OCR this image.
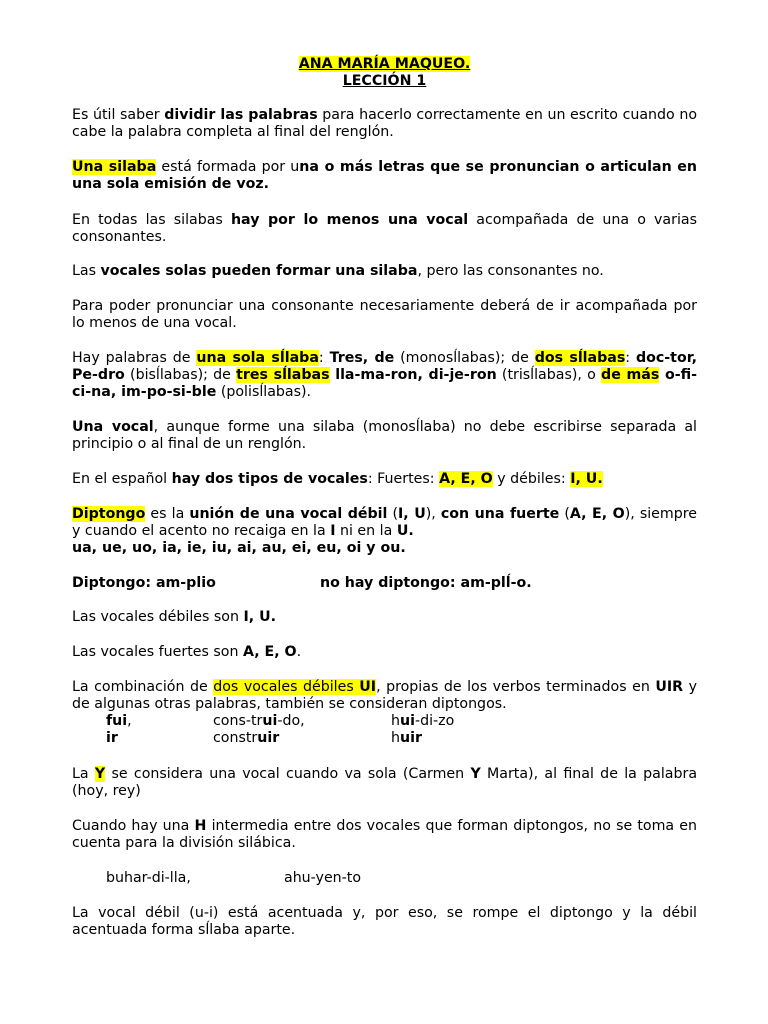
ANA MARÍA MAQUEO.

LECCIÓN 1

Es útil saber dividir las palabras para hacerlo correctamente en un escrito cuando no cabe la palabra completa al final del renglón.

Una silaba está formada por una o más letras que se pronuncian o articulan en una sola emisión de voz.

En todas las silabas hay por lo menos una vocal acompañada de una o varias consonantes.

Las vocales solas pueden formar una silaba, pero las consonantes no.

Para poder pronunciar una consonante necesariamente deberá de ir acompañada por lo menos de una vocal.

Hay palabras de una sola sĺlaba: Tres, de (monosĺlabas); de dos sĺlabas: doc-tor, Pe-dro (bisĺlabas); de tres sĺlabas lla-ma-ron, di-je-ron (trisĺlabas), o de más o-fi-ci-na, im-po-si-ble (polisĺlabas).

Una vocal, aunque forme una silaba (monosĺlaba) no debe escribirse separada al principio o al final de un renglón.

En el español hay dos tipos de vocales: Fuertes: A, E, O y débiles: I, U.

Diptongo es la unión de una vocal débil (I, U), con una fuerte (A, E, O), siempre y cuando el acento no recaiga en la I ni en la U.

ua, ue, uo, ia, ie, iu, ai, au, ei, eu, oi y ou.

Diptongo: am-plio	no hay diptongo: am-plĺ-o.

Las vocales débiles son I, U.

Las vocales fuertes son A, E, O.

La combinación de dos vocales débiles UI, propias de los verbos terminados en UIR y de algunas otras palabras, también se consideran diptongos.

fui,	cons-trui-do,	hui-di-zo

ir	construir	huir

La Y se considera una vocal cuando va sola (Carmen Y Marta), al final de la palabra (hoy, rey)

Cuando hay una H intermedia entre dos vocales que forman diptongos, no se toma en cuenta para la división silábica.

buhar-di-lla,	ahu-yen-to

La vocal débil (u-i) está acentuada y, por eso, se rompe el diptongo y la débil acentuada forma sĺlaba aparte.
